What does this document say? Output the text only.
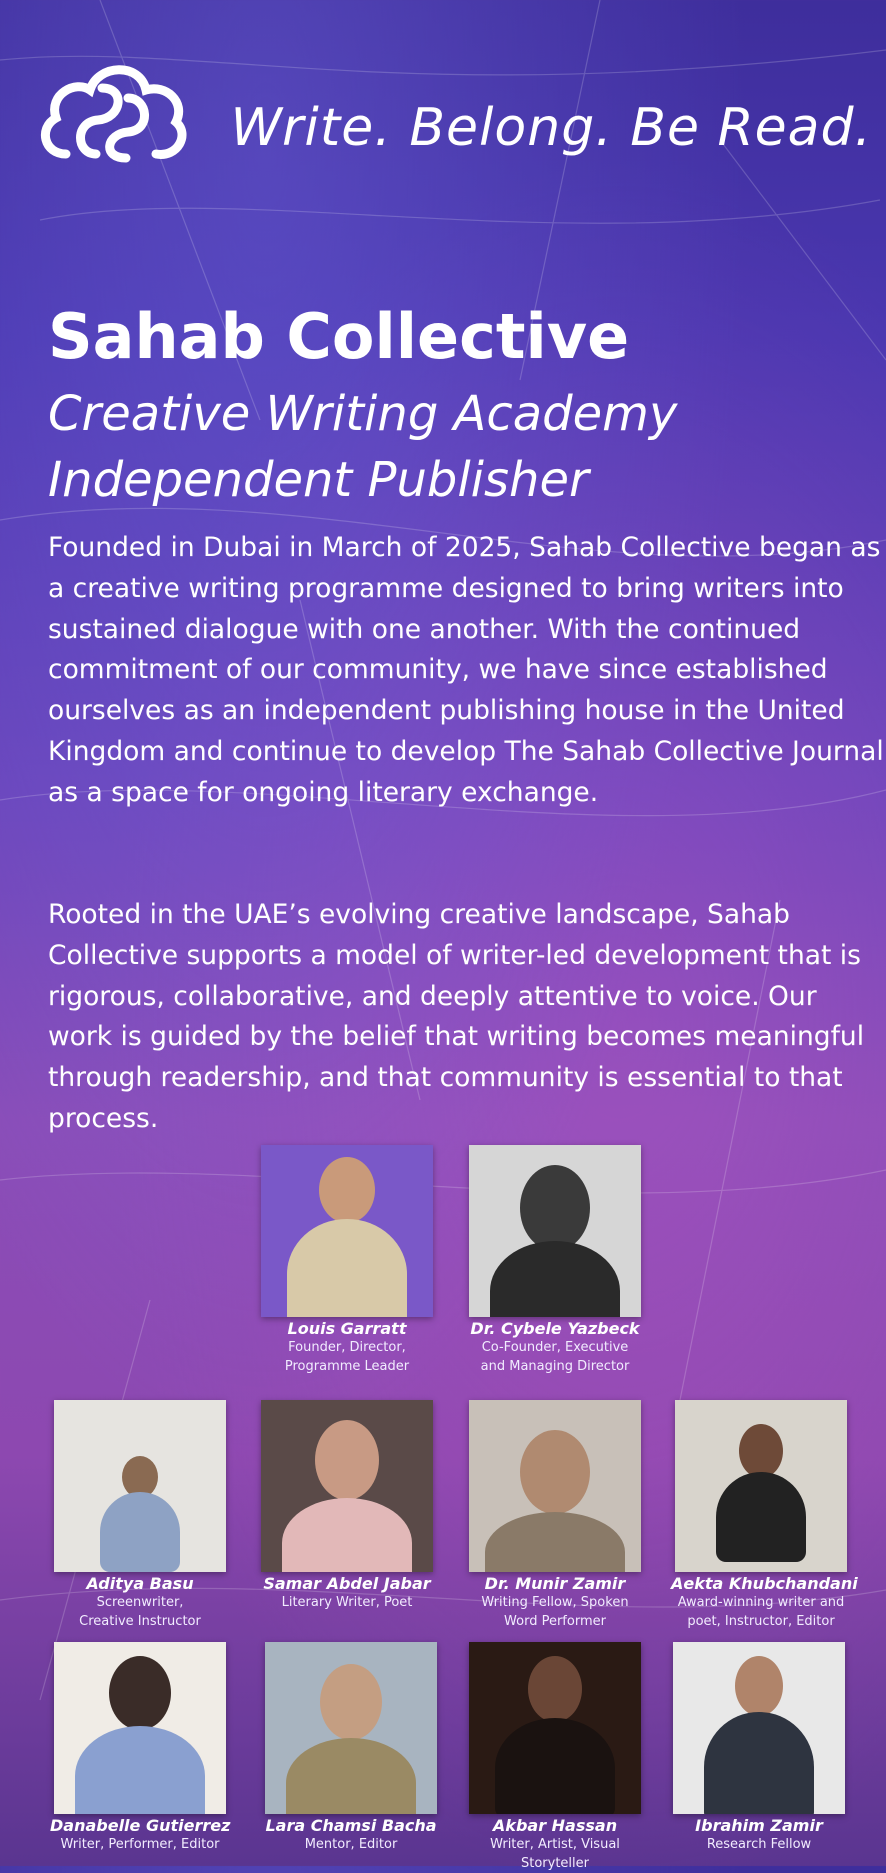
Write. Belong. Be Read.
Sahab Collective
Creative Writing Academy
Independent Publisher

Founded in Dubai in March of 2025, Sahab Collective began as a creative writing programme designed to bring writers into sustained dialogue with one another. With the continued commitment of our community, we have since established ourselves as an independent publishing house in the United Kingdom and continue to develop The Sahab Collective Journal as a space for ongoing literary exchange.

Rooted in the UAE’s evolving creative landscape, Sahab Collective supports a model of writer-led development that is rigorous, collaborative, and deeply attentive to voice. Our work is guided by the belief that writing becomes meaningful through readership, and that community is essential to that process.

Louis Garratt
Founder, Director,
Programme Leader
Dr. Cybele Yazbeck
Co-Founder, Executive
and Managing Director
Aditya Basu
Screenwriter,
Creative Instructor
Samar Abdel Jabar
Literary Writer, Poet
Dr. Munir Zamir
Writing Fellow, Spoken
Word Performer
Aekta Khubchandani
Award-winning writer and
poet, Instructor, Editor
Danabelle Gutierrez
Writer, Performer, Editor
Lara Chamsi Bacha
Mentor, Editor
Akbar Hassan
Writer, Artist, Visual
Storyteller
Ibrahim Zamir
Research Fellow
